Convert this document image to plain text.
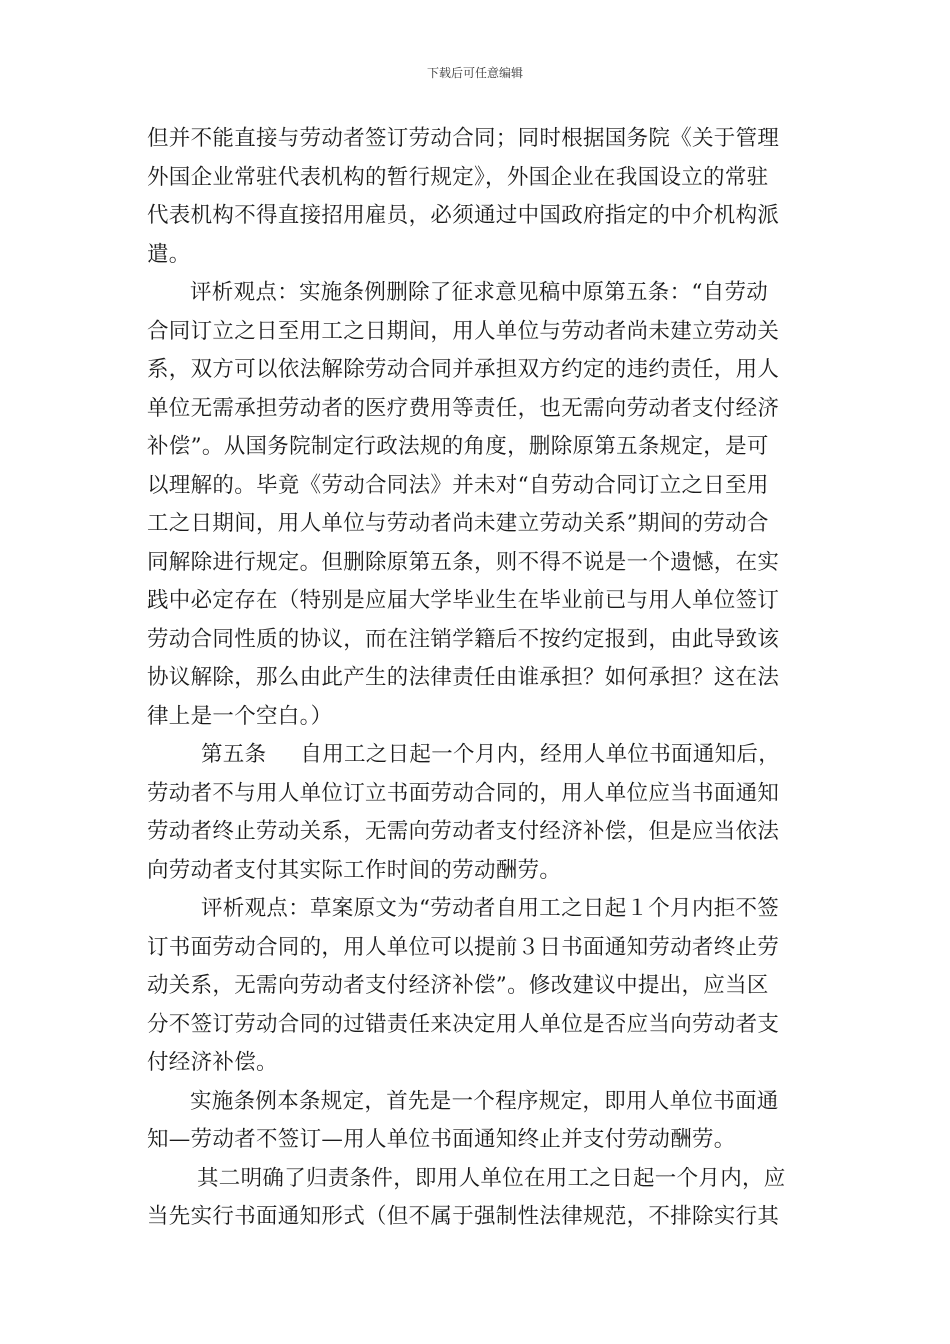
下载后可任意编辑
但并不能直接与劳动者签订劳动合同；同时根据国务院《关于管理
外国企业常驻代表机构的暂行规定》，外国企业在我国设立的常驻
代表机构不得直接招用雇员，必须通过中国政府指定的中介机构派
遣。
评析观点：实施条例删除了征求意见稿中原第五条：“自劳动
合同订立之日至用工之日期间，用人单位与劳动者尚未建立劳动关
系，双方可以依法解除劳动合同并承担双方约定的违约责任，用人
单位无需承担劳动者的医疗费用等责任，也无需向劳动者支付经济
补偿”。从国务院制定行政法规的角度，删除原第五条规定，是可
以理解的。毕竟《劳动合同法》并未对“自劳动合同订立之日至用
工之日期间，用人单位与劳动者尚未建立劳动关系”期间的劳动合
同解除进行规定。但删除原第五条，则不得不说是一个遗憾，在实
践中必定存在（特别是应届大学毕业生在毕业前已与用人单位签订
劳动合同性质的协议，而在注销学籍后不按约定报到，由此导致该
协议解除，那么由此产生的法律责任由谁承担？如何承担？这在法
律上是一个空白。）
第五条 自用工之日起一个月内，经用人单位书面通知后，
劳动者不与用人单位订立书面劳动合同的，用人单位应当书面通知
劳动者终止劳动关系，无需向劳动者支付经济补偿，但是应当依法
向劳动者支付其实际工作时间的劳动酬劳。
评析观点：草案原文为“劳动者自用工之日起１个月内拒不签
订书面劳动合同的，用人单位可以提前３日书面通知劳动者终止劳
动关系，无需向劳动者支付经济补偿”。修改建议中提出，应当区
分不签订劳动合同的过错责任来决定用人单位是否应当向劳动者支
付经济补偿。
实施条例本条规定，首先是一个程序规定，即用人单位书面通
知—劳动者不签订—用人单位书面通知终止并支付劳动酬劳。
其二明确了归责条件，即用人单位在用工之日起一个月内，应
当先实行书面通知形式（但不属于强制性法律规范，不排除实行其
